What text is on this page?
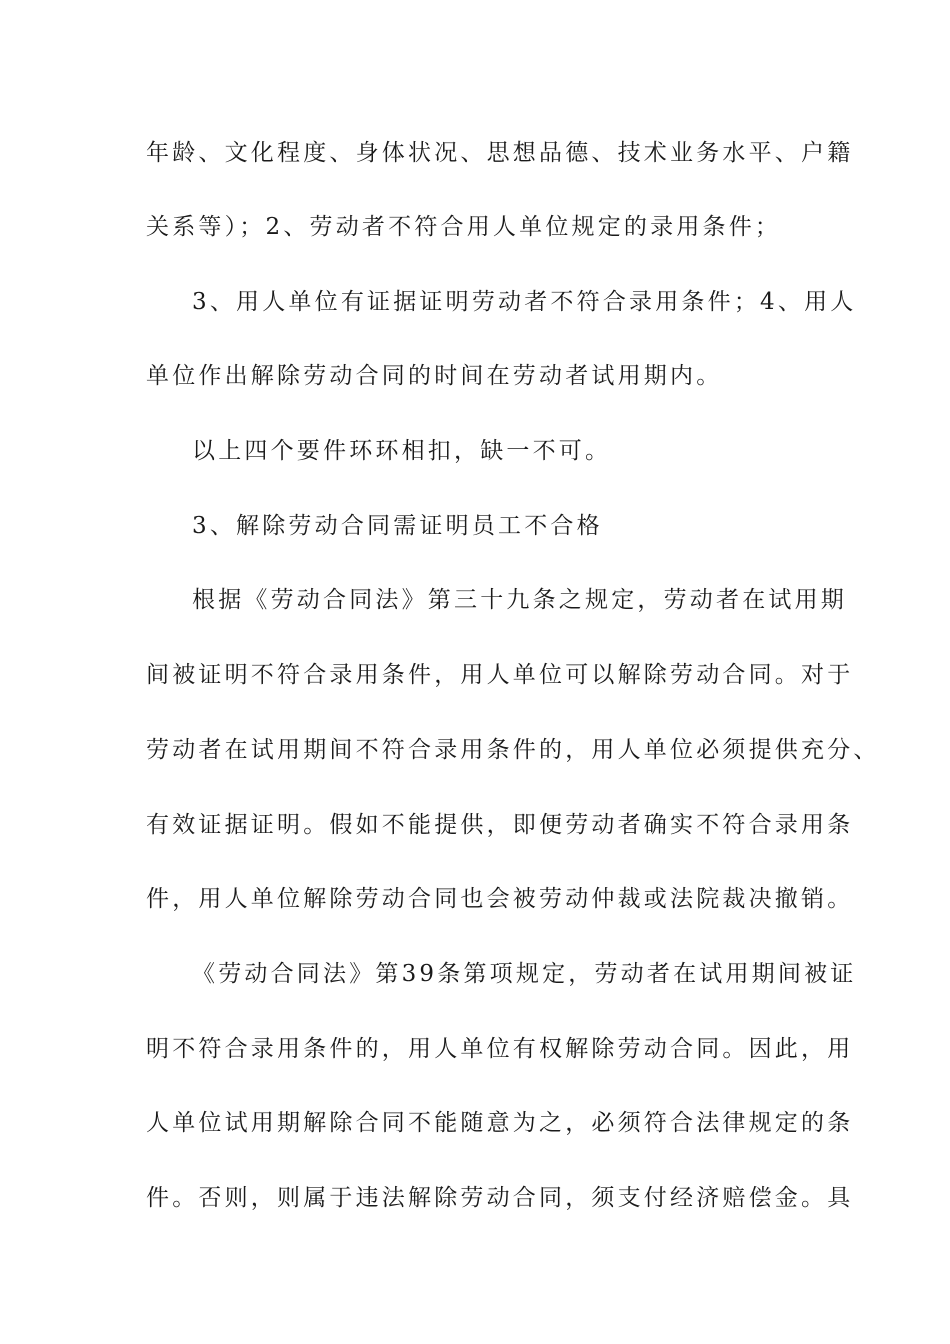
年龄、文化程度、身体状况、思想品德、技术业务水平、户籍

关系等）；2、劳动者不符合用人单位规定的录用条件；

3、用人单位有证据证明劳动者不符合录用条件；4、用人

单位作出解除劳动合同的时间在劳动者试用期内。

以上四个要件环环相扣，缺一不可。

3、解除劳动合同需证明员工不合格

根据《劳动合同法》第三十九条之规定，劳动者在试用期

间被证明不符合录用条件，用人单位可以解除劳动合同。对于

劳动者在试用期间不符合录用条件的，用人单位必须提供充分、

有效证据证明。假如不能提供，即便劳动者确实不符合录用条

件，用人单位解除劳动合同也会被劳动仲裁或法院裁决撤销。

《劳动合同法》第39条第项规定，劳动者在试用期间被证

明不符合录用条件的，用人单位有权解除劳动合同。因此，用

人单位试用期解除合同不能随意为之，必须符合法律规定的条

件。否则，则属于违法解除劳动合同，须支付经济赔偿金。具
